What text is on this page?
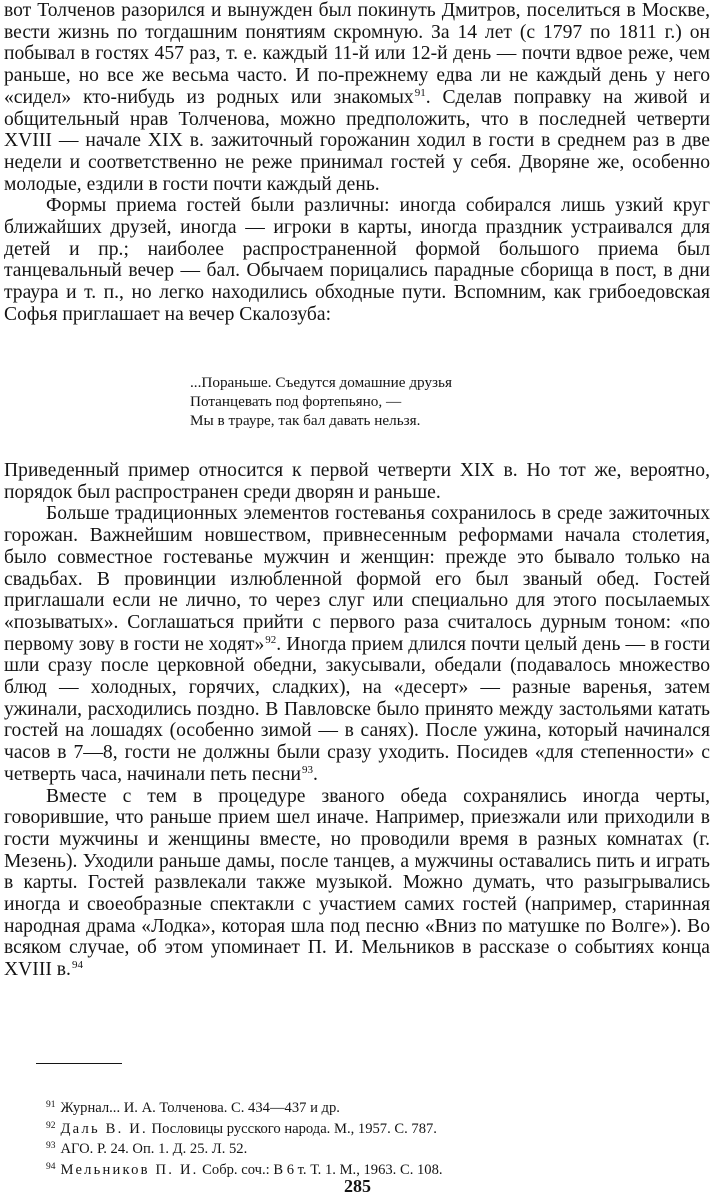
вот Толченов разорился и вынужден был покинуть Дмитров, поселиться в Москве, вести жизнь по тогдашним понятиям скромную. За 14 лет (с 1797 по 1811 г.) он побывал в гостях 457 раз, т. е. каждый 11-й или 12-й день — почти вдвое реже, чем раньше, но все же весьма часто. И по-прежнему едва ли не каждый день у него «сидел» кто-нибудь из родных или знакомых$^{91}$. Сделав поправку на живой и общительный нрав Толченова, можно предположить, что в последней четверти XVIII — начале XIX в. зажиточный горожанин ходил в гости в среднем раз в две недели и соответственно не реже принимал гостей у себя. Дворяне же, особенно молодые, ездили в гости почти каждый день.

Формы приема гостей были различны: иногда собирался лишь узкий круг ближайших друзей, иногда — игроки в карты, иногда праздник устраивался для детей и пр.; наиболее распространенной формой большого приема был танцевальный вечер — бал. Обычаем порицались парадные сборища в пост, в дни траура и т. п., но легко находились обходные пути. Вспомним, как грибоедовская Софья приглашает на вечер Скалозуба:

...Пораньше. Съедутся домашние друзья
Потанцевать под фортепьяно, —
Мы в трауре, так бал давать нельзя.

Приведенный пример относится к первой четверти XIX в. Но тот же, вероятно, порядок был распространен среди дворян и раньше.

Больше традиционных элементов гостеванья сохранилось в среде зажиточных горожан. Важнейшим новшеством, привнесенным реформами начала столетия, было совместное гостеванье мужчин и женщин: прежде это бывало только на свадьбах. В провинции излюбленной формой его был званый обед. Гостей приглашали если не лично, то через слуг или специально для этого посылаемых «позыватых». Соглашаться прийти с первого раза считалось дурным тоном: «по первому зову в гости не ходят»$^{92}$. Иногда прием длился почти целый день — в гости шли сразу после церковной обедни, закусывали, обедали (подавалось множество блюд — холодных, горячих, сладких), на «десерт» — разные варенья, затем ужинали, расходились поздно. В Павловске было принято между застольями катать гостей на лошадях (особенно зимой — в санях). После ужина, который начинался часов в 7—8, гости не должны были сразу уходить. Посидев «для степенности» с четверть часа, начинали петь песни$^{93}$.

Вместе с тем в процедуре званого обеда сохранялись иногда черты, говорившие, что раньше прием шел иначе. Например, приезжали или приходили в гости мужчины и женщины вместе, но проводили время в разных комнатах (г. Мезень). Уходили раньше дамы, после танцев, а мужчины оставались пить и играть в карты. Гостей развлекали также музыкой. Можно думать, что разыгрывались иногда и своеобразные спектакли с участием самих гостей (например, старинная народная драма «Лодка», которая шла под песню «Вниз по матушке по Волге»). Во всяком случае, об этом упоминает П. И. Мельников в рассказе о событиях конца XVIII в.$^{94}$

$^{91}$ Журнал... И. А. Толченова. С. 434—437 и др.
$^{92}$ Даль В. И. Пословицы русского народа. М., 1957. С. 787.
$^{93}$ АГО. Р. 24. Оп. 1. Д. 25. Л. 52.
$^{94}$ Мельников П. И. Собр. соч.: В 6 т. Т. 1. М., 1963. С. 108.
285
